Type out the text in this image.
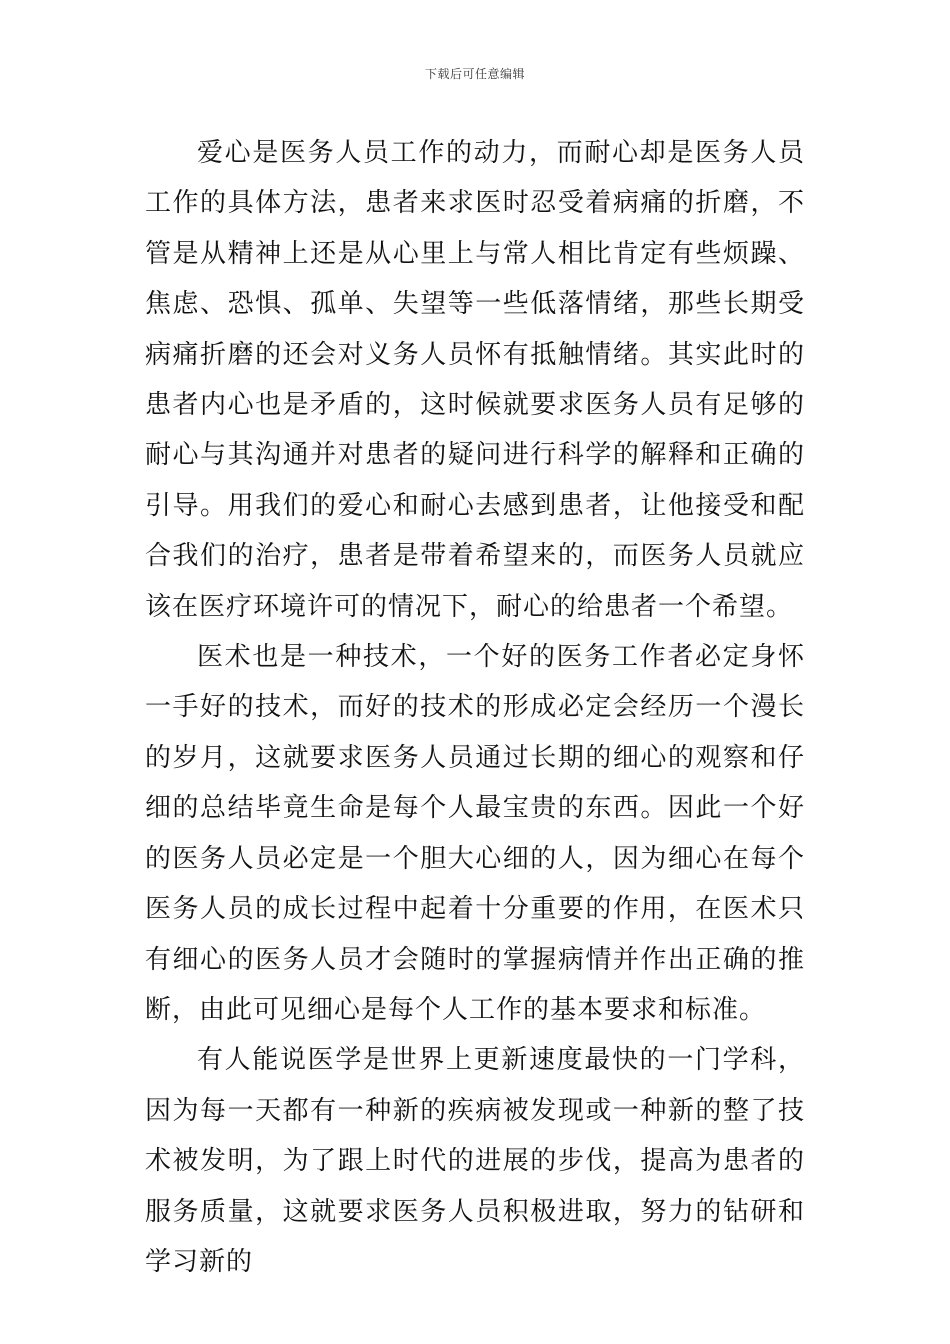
下载后可任意编辑

爱心是医务人员工作的动力，而耐心却是医务人员工作的具体方法，患者来求医时忍受着病痛的折磨，不管是从精神上还是从心里上与常人相比肯定有些烦躁、焦虑、恐惧、孤单、失望等一些低落情绪，那些长期受病痛折磨的还会对义务人员怀有抵触情绪。其实此时的患者内心也是矛盾的，这时候就要求医务人员有足够的耐心与其沟通并对患者的疑问进行科学的解释和正确的引导。用我们的爱心和耐心去感到患者，让他接受和配合我们的治疗，患者是带着希望来的，而医务人员就应该在医疗环境许可的情况下，耐心的给患者一个希望。

医术也是一种技术，一个好的医务工作者必定身怀一手好的技术，而好的技术的形成必定会经历一个漫长的岁月，这就要求医务人员通过长期的细心的观察和仔细的总结毕竟生命是每个人最宝贵的东西。因此一个好的医务人员必定是一个胆大心细的人，因为细心在每个医务人员的成长过程中起着十分重要的作用，在医术只有细心的医务人员才会随时的掌握病情并作出正确的推断，由此可见细心是每个人工作的基本要求和标准。

有人能说医学是世界上更新速度最快的一门学科，因为每一天都有一种新的疾病被发现或一种新的整了技术被发明，为了跟上时代的进展的步伐，提高为患者的服务质量，这就要求医务人员积极进取，努力的钻研和学习新的
